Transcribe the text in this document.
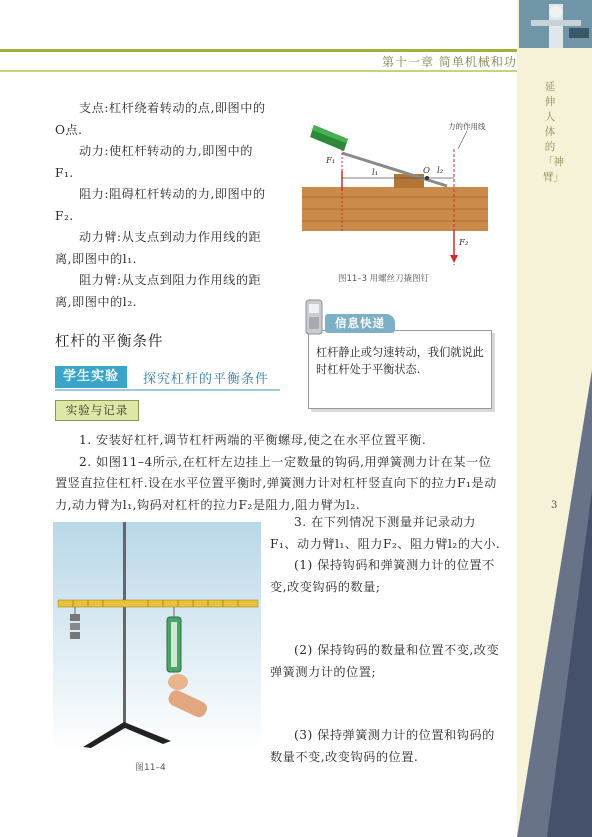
第十一章 简单机械和功
延伸人体的「神臂」
3

支点:杠杆绕着转动的点,即图中的O点.

动力:使杠杆转动的力,即图中的F₁.

阻力:阻碍杠杆转动的力,即图中的F₂.

动力臂:从支点到动力作用线的距离,即图中的l₁.

阻力臂:从支点到阻力作用线的距离,即图中的l₂.

力的作用线
F₁
l₁	O l₂
F₂
图11–3 用螺丝刀撬图钉
杠杆的平衡条件
学生实验	探究杠杆的平衡条件
信息快递
杠杆静止或匀速转动，我们就说此时杠杆处于平衡状态.
实验与记录

1. 安装好杠杆,调节杠杆两端的平衡螺母,使之在水平位置平衡.

2. 如图11–4所示,在杠杆左边挂上一定数量的钩码,用弹簧测力计在某一位置竖直拉住杠杆.设在水平位置平衡时,弹簧测力计对杠杆竖直向下的拉力F₁是动力,动力臂为l₁,钩码对杠杆的拉力F₂是阻力,阻力臂为l₂.

图11–4

3. 在下列情况下测量并记录动力F₁、动力臂l₁、阻力F₂、阻力臂l₂的大小.

(1) 保持钩码和弹簧测力计的位置不变,改变钩码的数量;

(2) 保持钩码的数量和位置不变,改变弹簧测力计的位置;

(3) 保持弹簧测力计的位置和钩码的数量不变,改变钩码的位置.
